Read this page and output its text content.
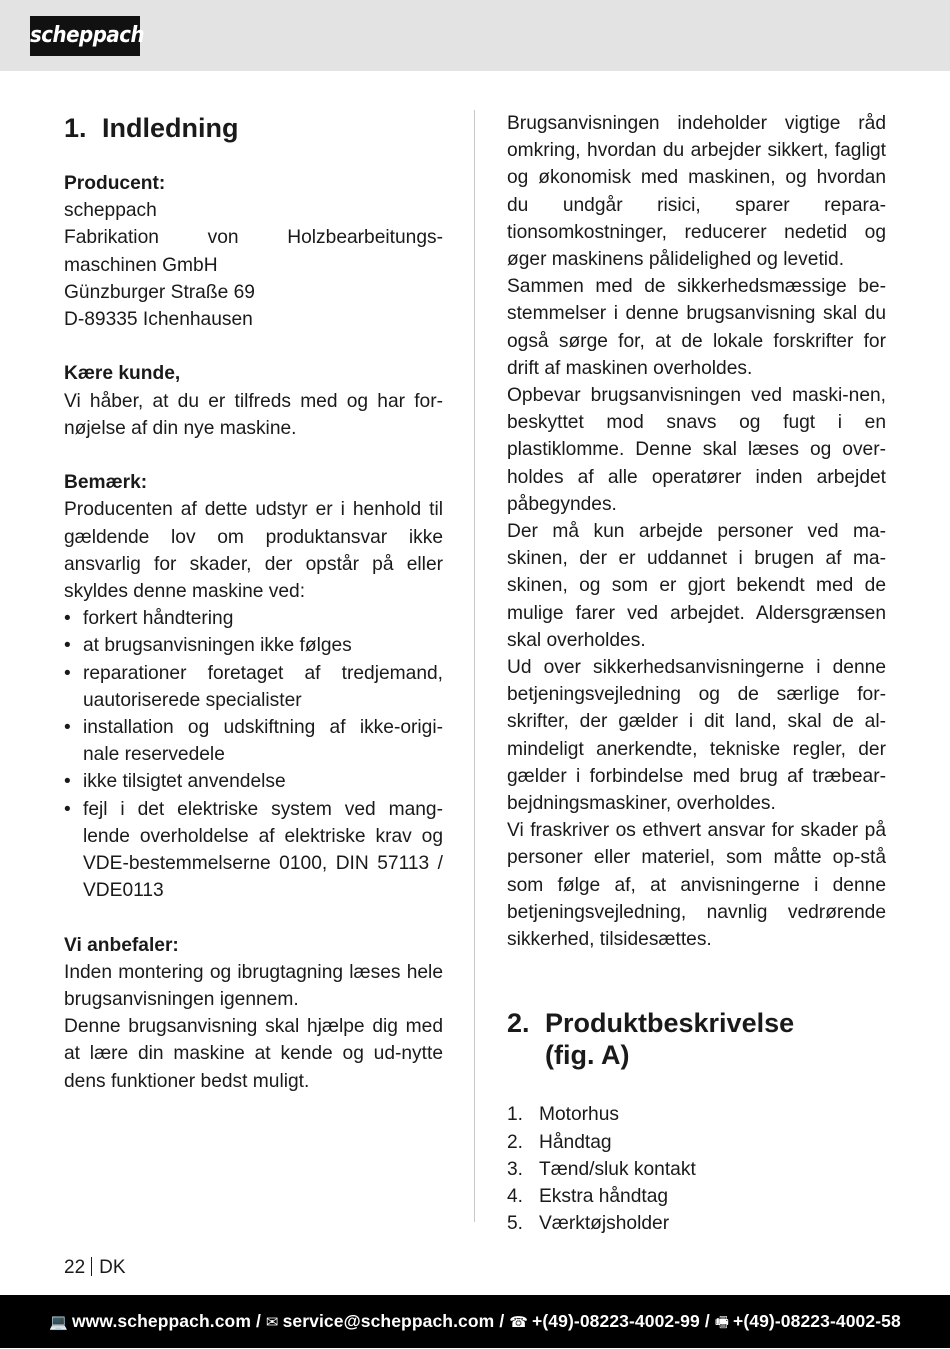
scheppach
1. Indledning

Producent:

scheppach

Fabrikation von Holzbearbeitungs-

maschinen GmbH

Günzburger Straße 69

D-89335 Ichenhausen

Kære kunde,

Vi håber, at du er tilfreds med og har for-nøjelse af din nye maskine.

Bemærk:

Producenten af dette udstyr er i henhold til gældende lov om produktansvar ikke ansvarlig for skader, der opstår på eller skyldes denne maskine ved:

• forkert håndtering
• at brugsanvisningen ikke følges
• reparationer foretaget af tredjemand, uautoriserede specialister
• installation og udskiftning af ikke-origi-nale reservedele
• ikke tilsigtet anvendelse
• fejl i det elektriske system ved mang-lende overholdelse af elektriske krav og VDE-bestemmelserne 0100, DIN 57113 / VDE0113

Vi anbefaler:

Inden montering og ibrugtagning læses hele brugsanvisningen igennem.

Denne brugsanvisning skal hjælpe dig med at lære din maskine at kende og ud-nytte dens funktioner bedst muligt.

Brugsanvisningen indeholder vigtige råd omkring, hvordan du arbejder sikkert, fagligt og økonomisk med maskinen, og hvordan du undgår risici, sparer repara-tionsomkostninger, reducerer nedetid og øger maskinens pålidelighed og levetid.

Sammen med de sikkerhedsmæssige be-stemmelser i denne brugsanvisning skal du også sørge for, at de lokale forskrifter for drift af maskinen overholdes.

Opbevar brugsanvisningen ved maski-nen, beskyttet mod snavs og fugt i en plastiklomme. Denne skal læses og over-holdes af alle operatører inden arbejdet påbegyndes.

Der må kun arbejde personer ved ma-skinen, der er uddannet i brugen af ma-skinen, og som er gjort bekendt med de mulige farer ved arbejdet. Aldersgrænsen skal overholdes.

Ud over sikkerhedsanvisningerne i denne betjeningsvejledning og de særlige for-skrifter, der gælder i dit land, skal de al-mindeligt anerkendte, tekniske regler, der gælder i forbindelse med brug af træbear-bejdningsmaskiner, overholdes.

Vi fraskriver os ethvert ansvar for skader på personer eller materiel, som måtte op-stå som følge af, at anvisningerne i denne betjeningsvejledning, navnlig vedrørende sikkerhed, tilsidesættes.

2. Produktbeskrivelse
(fig. A)
1. Motorhus
2. Håndtag
3. Tænd/sluk kontakt
4. Ekstra håndtag
5. Værktøjsholder
22 DK
💻 www.scheppach.com / ✉ service@scheppach.com / ☎ +(49)-08223-4002-99 / 🖷 +(49)-08223-4002-58
